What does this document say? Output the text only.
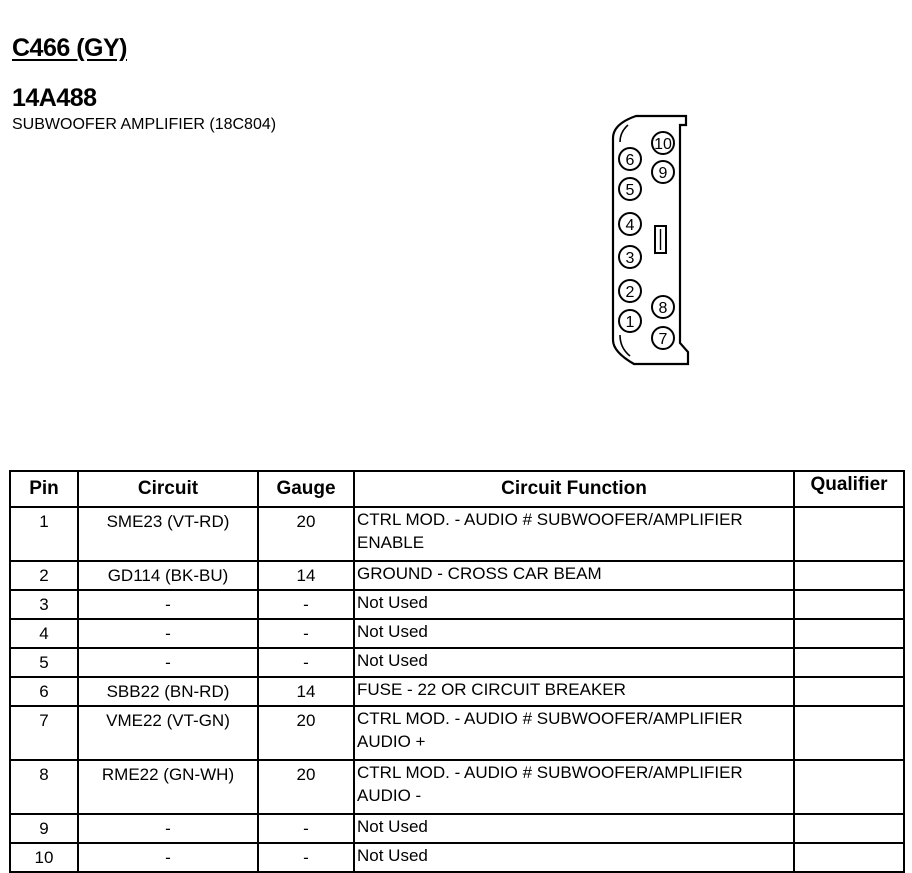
C466 (GY)
14A488
SUBWOOFER AMPLIFIER (18C804)
10
6
9
5
4
3
2
8
1
7
Pin	Circuit	Gauge	Circuit Function	Qualifier
1	SME23 (VT-RD)	20	CTRL MOD. - AUDIO # SUBWOOFER/AMPLIFIER ENABLE	
2	GD114 (BK-BU)	14	GROUND - CROSS CAR BEAM	
3	-	-	Not Used	
4	-	-	Not Used	
5	-	-	Not Used	
6	SBB22 (BN-RD)	14	FUSE - 22 OR CIRCUIT BREAKER	
7	VME22 (VT-GN)	20	CTRL MOD. - AUDIO # SUBWOOFER/AMPLIFIER AUDIO +	
8	RME22 (GN-WH)	20	CTRL MOD. - AUDIO # SUBWOOFER/AMPLIFIER AUDIO -	
9	-	-	Not Used	
10	-	-	Not Used	
